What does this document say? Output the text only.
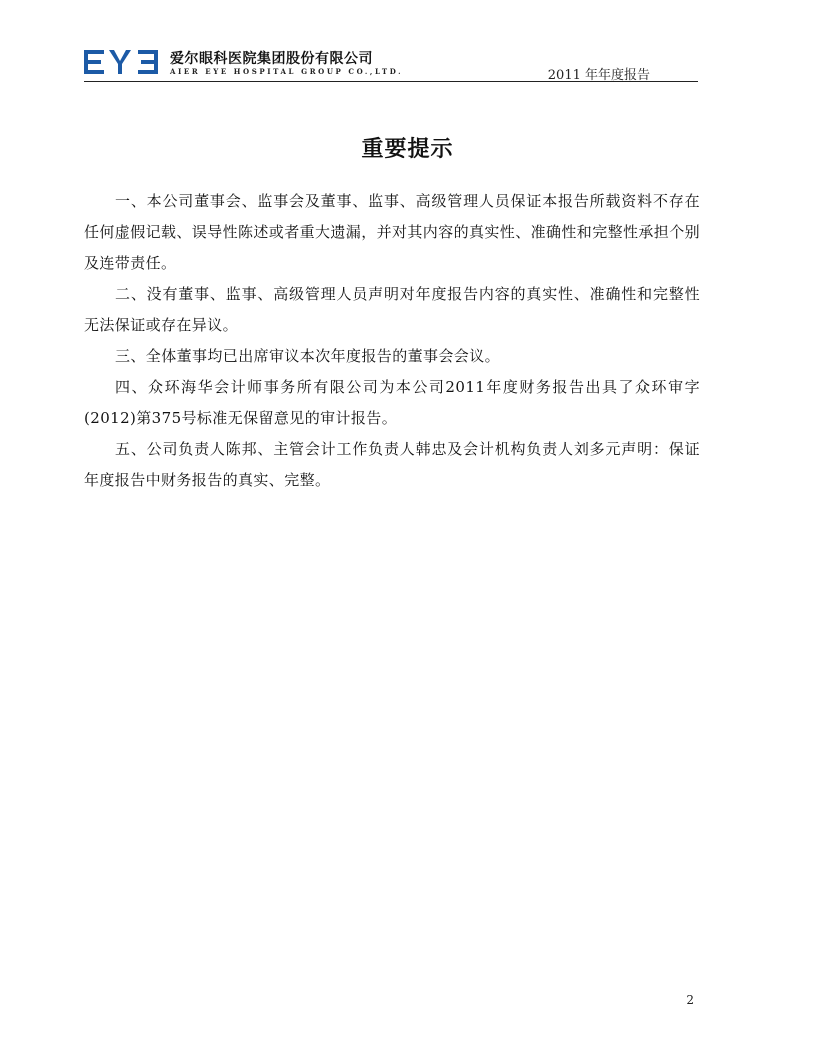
爱尔眼科医院集团股份有限公司
AIER EYE HOSPITAL GROUP CO.,LTD.	2011 年年度报告
重要提示

一、本公司董事会、监事会及董事、监事、高级管理人员保证本报告所载资料不存在任何虚假记载、误导性陈述或者重大遗漏，并对其内容的真实性、准确性和完整性承担个别及连带责任。

二、没有董事、监事、高级管理人员声明对年度报告内容的真实性、准确性和完整性无法保证或存在异议。

三、全体董事均已出席审议本次年度报告的董事会会议。

四、众环海华会计师事务所有限公司为本公司2011年度财务报告出具了众环审字(2012)第375号标准无保留意见的审计报告。

五、公司负责人陈邦、主管会计工作负责人韩忠及会计机构负责人刘多元声明：保证年度报告中财务报告的真实、完整。

2
